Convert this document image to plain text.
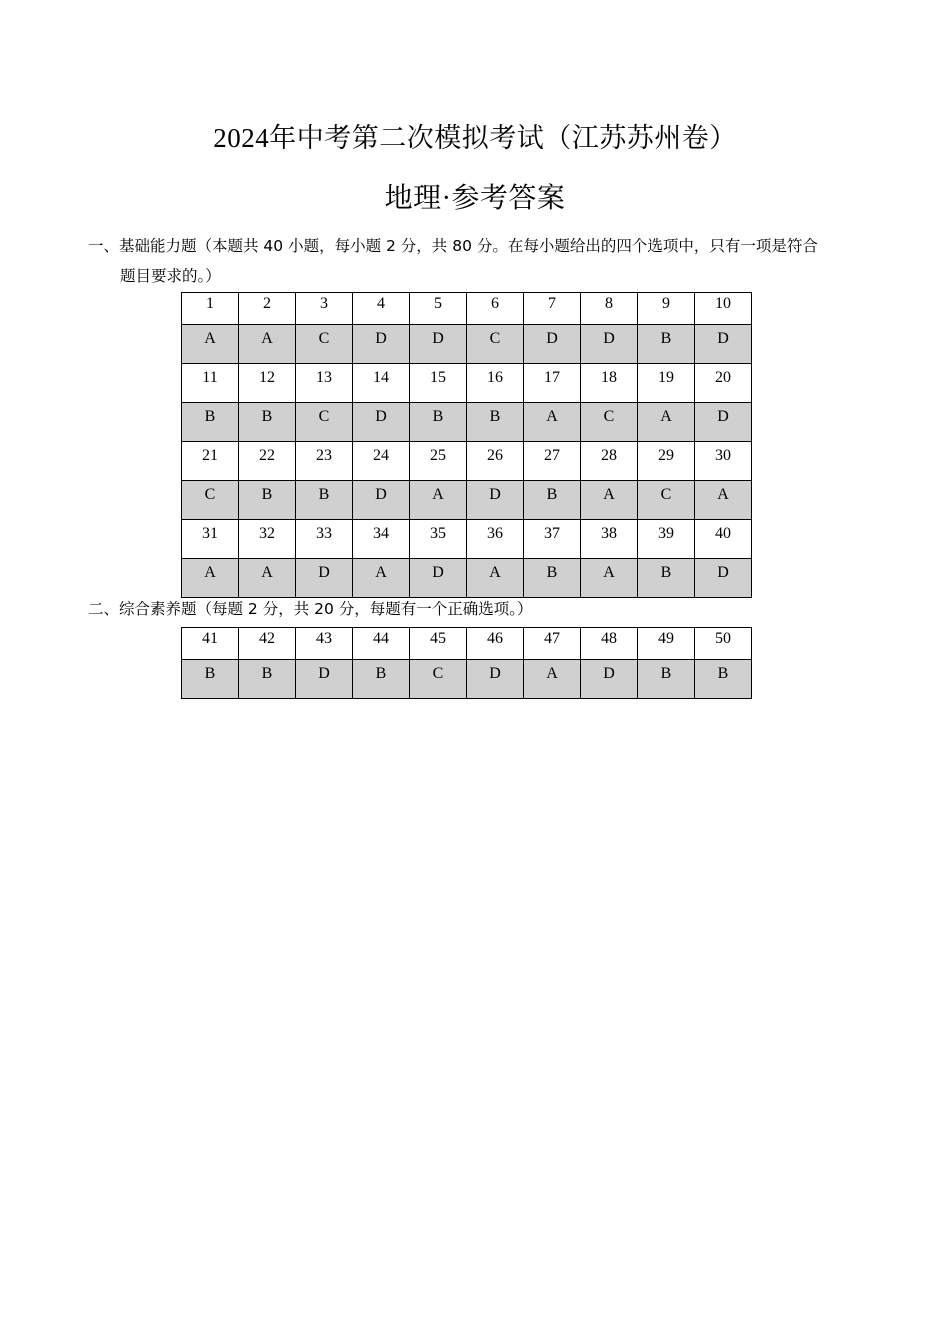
2024年中考第二次模拟考试（江苏苏州卷）
地理·参考答案
一、基础能力题（本题共 40 小题，每小题 2 分，共 80 分。在每小题给出的四个选项中，只有一项是符合
题目要求的。）
1	2	3	4	5	6	7	8	9	10
A	A	C	D	D	C	D	D	B	D
11	12	13	14	15	16	17	18	19	20
B	B	C	D	B	B	A	C	A	D
21	22	23	24	25	26	27	28	29	30
C	B	B	D	A	D	B	A	C	A
31	32	33	34	35	36	37	38	39	40
A	A	D	A	D	A	B	A	B	D
二、综合素养题（每题 2 分，共 20 分，每题有一个正确选项。）
41	42	43	44	45	46	47	48	49	50
B	B	D	B	C	D	A	D	B	B
